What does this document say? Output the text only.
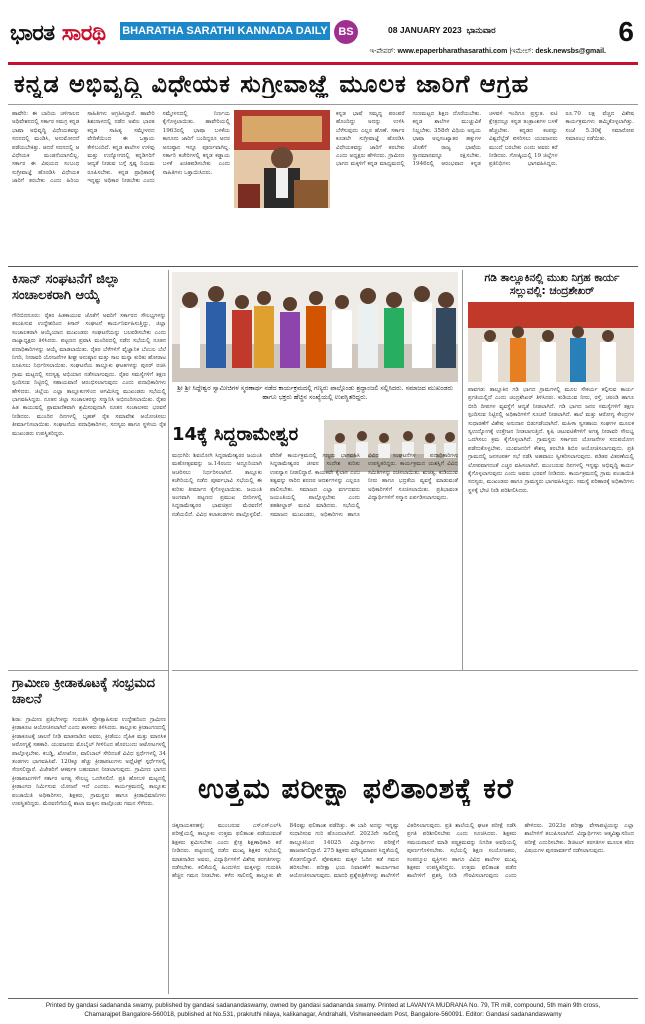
ಭಾರತ ಸಾರಥಿ BHARATHA SARATHI KANNADA DAILY BS	08 JANUARY 2023 ಭಾನುವಾರ	6
ಇ-ಪೇಪರ್: www.epaperbharathasarathi.com |ಇಮೇಲ್: desk.newsbs@gmail.
ಕನ್ನಡ ಅಭಿವೃದ್ಧಿ ವಿಧೇಯಕ ಸುಗ್ರೀವಾಜ್ಞೆ ಮೂಲಕ ಜಾರಿಗೆ ಆಗ್ರಹ
ಹಾವೇರಿ: ಈ ಬಾರಿಯ ಚಳಿಗಾಲದ ಅಧಿವೇಶನದಲ್ಲಿ ಸರ್ಕಾರ ಸಮಗ್ರ ಕನ್ನಡ ಭಾಷಾ ಅಭಿವೃದ್ಧಿ ವಿಧೇಯಕವನ್ನು ಸದನದಲ್ಲಿ ಮಂಡಿಸಿ, ಅನುಮೋದನೆ ಪಡೆಯಬೇಕಿತ್ತು. ಆದರೆ ಸದನದಲ್ಲಿ ಆ ವಿಧೇಯಕ ಮಂಡನೆಯಾಗಲಿಲ್ಲ. ಸರ್ಕಾರ ಈ ವಿಷಯದ ಸಂಬಂಧ ಸುಗ್ರೀವಾಜ್ಞೆ ಹೊರಡಿಸಿ ವಿಧೇಯಕ ಜಾರಿಗೆ ತರಬೇಕು ಎಂದು ಹಿರಿಯ ಸಾಹಿತಿಗಳು ಆಗ್ರಹಿಸಿದ್ದಾರೆ. ಹಾವೇರಿ ಶಿಶುನಾಳದಲ್ಲಿ ನಡೆದ ಅಖಿಲ ಭಾರತ ಕನ್ನಡ ಸಾಹಿತ್ಯ ಸಮ್ಮೇಳನದ ವೇದಿಕೆಯಿಂದ ಈ ಒತ್ತಾಯ ಕೇಳಿಬಂದಿದೆ. ಕನ್ನಡ ಶಾಲೆಗಳ ಉಳಿವು ಮತ್ತು ಉದ್ಯೋಗದಲ್ಲಿ ಕನ್ನಡಿಗರಿಗೆ ಆದ್ಯತೆ ನೀಡುವ ಬಗ್ಗೆ ಸ್ಪಷ್ಟ ನಿಯಮ ರೂಪಿಸಬೇಕು. ಕನ್ನಡ ಪ್ರಾಧಿಕಾರಕ್ಕೆ ಇನ್ನಷ್ಟು ಅಧಿಕಾರ ನೀಡಬೇಕು ಎಂದು ಸಮ್ಮೇಳನದಲ್ಲಿ ನಿರ್ಣಯ ಕೈಗೊಳ್ಳಲಾಯಿತು. ಹಾವೇರಿಯಲ್ಲಿ 1963ರಲ್ಲಿ ಭಾಷಾ ಬಳಕೆಯ ಕಾನೂನು ಜಾರಿಗೆ ಬಂದಿದ್ದರೂ ಅದರ ಅನುಷ್ಠಾನ ಇನ್ನೂ ಪೂರ್ಣವಾಗಿಲ್ಲ. ಸರ್ಕಾರಿ ಕಚೇರಿಗಳಲ್ಲಿ ಕನ್ನಡ ಕಡ್ಡಾಯ ಬಳಕೆ ಖಚಿತಪಡಿಸಬೇಕು ಎಂದು ಸಾಹಿತಿಗಳು ಒತ್ತಾಯಿಸಿದರು.
ಕನ್ನಡ ಭಾಷೆ ಸಮೃದ್ಧ ಪರಂಪರೆ ಹೊಂದಿದ್ದು ಅದನ್ನು ಉಳಿಸಿ ಬೆಳೆಸುವುದು ಎಲ್ಲರ ಹೊಣೆ. ಸರ್ಕಾರ ಕೂಡಲೇ ಸುಗ್ರೀವಾಜ್ಞೆ ಹೊರಡಿಸಿ ವಿಧೇಯಕವನ್ನು ಜಾರಿಗೆ ತರಬೇಕು ಎಂದು ಅಧ್ಯಕ್ಷರು ಹೇಳಿದರು. ಗ್ರಾಮೀಣ ಭಾಗದ ಮಕ್ಕಳಿಗೆ ಕನ್ನಡ ಮಾಧ್ಯಮದಲ್ಲಿ ಗುಣಮಟ್ಟದ ಶಿಕ್ಷಣ ದೊರೆಯಬೇಕು. ಕನ್ನಡ ಶಾಲೆಗಳ ಮುಚ್ಚುವಿಕೆ ನಿಲ್ಲಬೇಕು. 358ನೇ ವಿಧಿಯ ಅನ್ವಯ ಭಾಷಾ ಅಲ್ಪಸಂಖ್ಯಾತರ ಹಕ್ಕುಗಳ ಜೊತೆಗೆ ರಾಜ್ಯ ಭಾಷೆಯ ಸ್ಥಾನಮಾನವನ್ನೂ ರಕ್ಷಿಸಬೇಕು. 1946ರಲ್ಲಿ ಆರಂಭವಾದ ಕನ್ನಡ ಚಳವಳಿ ಇಂದಿಗೂ ಪ್ರಸ್ತುತ. ಐಟಿ ಕ್ಷೇತ್ರದಲ್ಲೂ ಕನ್ನಡ ತಂತ್ರಾಂಶಗಳ ಬಳಕೆ ಹೆಚ್ಚಬೇಕು. ಕನ್ನಡದ ಕಂಪನ್ನು ವಿಶ್ವದೆಲ್ಲೆಡೆ ಪಸರಿಸಲು ಯುವಜನರು ಮುಂದೆ ಬರಬೇಕು ಎಂದು ಅವರು ಕರೆ ನೀಡಿದರು. ಗೋಷ್ಠಿಯಲ್ಲಿ 19 ಜಿಲ್ಲೆಗಳ ಪ್ರತಿನಿಧಿಗಳು ಭಾಗವಹಿಸಿದ್ದರು. ರೂ.70 ಲಕ್ಷ ವೆಚ್ಚದ ವಿಶೇಷ ಕಾರ್ಯಕ್ರಮಗಳು ಹಮ್ಮಿಕೊಳ್ಳಲಾಗಿತ್ತು. ಸಂಜೆ 5.30ಕ್ಕೆ ಸಮಾರೋಪ ಸಮಾರಂಭ ನಡೆಯಿತು.
ಕಿಸಾನ್ ಸಂಘಟನೆಗೆ ಜಿಲ್ಲಾ ಸಂಚಾಲಕರಾಗಿ ಆಯ್ಕೆ
ಗೌರಿಬಿದನೂರು: ರೈತರ ಹಿತಕಾಯುವ ಜೊತೆಗೆ ಅವರಿಗೆ ಸರ್ಕಾರದ ಸೌಲಭ್ಯಗಳನ್ನು ತಲುಪಿಸುವ ಉದ್ದೇಶದಿಂದ ಕಿಸಾನ್ ಸಂಘಟನೆ ಕಾರ್ಯನಿರ್ವಹಿಸುತ್ತಿದ್ದು, ಜಿಲ್ಲಾ ಸಂಚಾಲಕರಾಗಿ ಆಯ್ಕೆಯಾದ ಮುಖಂಡರು ಸಂಘಟನೆಯನ್ನು ಬಲಪಡಿಸಬೇಕು ಎಂದು ರಾಜ್ಯಾಧ್ಯಕ್ಷರು ತಿಳಿಸಿದರು. ಪಟ್ಟಣದ ಪ್ರವಾಸಿ ಮಂದಿರದಲ್ಲಿ ನಡೆದ ಸಭೆಯಲ್ಲಿ ನೂತನ ಪದಾಧಿಕಾರಿಗಳನ್ನು ಆಯ್ಕೆ ಮಾಡಲಾಯಿತು. ರೈತರ ಬೆಳೆಗಳಿಗೆ ವೈಜ್ಞಾನಿಕ ಬೆಂಬಲ ಬೆಲೆ ನಿಗದಿ, ನೀರಾವರಿ ಯೋಜನೆಗಳ ಶೀಘ್ರ ಅನುಷ್ಠಾನ ಮತ್ತು ಸಾಲ ಮನ್ನಾ ಕುರಿತು ಹೋರಾಟ ರೂಪಿಸಲು ನಿರ್ಧರಿಸಲಾಯಿತು. ಸಂಘಟನೆಯ ತಾಲ್ಲೂಕು ಘಟಕಗಳನ್ನು ಪುನರ್ ರಚಿಸಿ ಗ್ರಾಮ ಮಟ್ಟದಲ್ಲಿ ಸದಸ್ಯತ್ವ ಅಭಿಯಾನ ನಡೆಸಲಾಗುವುದು. ರೈತರ ಸಮಸ್ಯೆಗಳಿಗೆ ತಕ್ಷಣ ಸ್ಪಂದಿಸುವ ನಿಟ್ಟಿನಲ್ಲಿ ಸಹಾಯವಾಣಿ ಆರಂಭಿಸಲಾಗುವುದು ಎಂದು ಪದಾಧಿಕಾರಿಗಳು ಹೇಳಿದರು. ಜಿಲ್ಲೆಯ ಎಲ್ಲಾ ತಾಲ್ಲೂಕುಗಳಿಂದ ಆಗಮಿಸಿದ್ದ ಮುಖಂಡರು ಸಭೆಯಲ್ಲಿ ಭಾಗವಹಿಸಿದ್ದರು. ನೂತನ ಜಿಲ್ಲಾ ಸಂಚಾಲಕರನ್ನು ಸನ್ಮಾನಿಸಿ ಅಭಿನಂದಿಸಲಾಯಿತು. ರೈತರ ಹಿತ ಕಾಯುವಲ್ಲಿ ಪ್ರಾಮಾಣಿಕವಾಗಿ ಶ್ರಮಿಸುವುದಾಗಿ ನೂತನ ಸಂಚಾಲಕರು ಭರವಸೆ ನೀಡಿದರು. ಮುಂದಿನ ದಿನಗಳಲ್ಲಿ ಬೃಹತ್ ರೈತ ಸಮಾವೇಶ ಆಯೋಜಿಸಲು ತೀರ್ಮಾನಿಸಲಾಯಿತು. ಸಂಘಟನೆಯ ಪದಾಧಿಕಾರಿಗಳು, ಸದಸ್ಯರು ಹಾಗೂ ಸ್ಥಳೀಯ ರೈತ ಮುಖಂಡರು ಉಪಸ್ಥಿತರಿದ್ದರು.
ಶ್ರೀ ಶ್ರೀ ಸಿದ್ದೇಶ್ವರ ಸ್ವಾಮೀಜಿಗಳ ಸ್ಮರಣಾರ್ಥ ನಡೆದ ಕಾರ್ಯಕ್ರಮದಲ್ಲಿ ಗಣ್ಯರು ಪಾಲ್ಗೊಂಡು ಶ್ರದ್ಧಾಂಜಲಿ ಸಲ್ಲಿಸಿದರು. ಸಮಾಜದ ಮುಖಂಡರು ಹಾಗೂ ಭಕ್ತರು ಹೆಚ್ಚಿನ ಸಂಖ್ಯೆಯಲ್ಲಿ ಉಪಸ್ಥಿತರಿದ್ದರು.
14ಕ್ಕೆ ಸಿದ್ದರಾಮೇಶ್ವರ
ಮಧುಗಿರಿ: ಶಿವಯೋಗಿ ಸಿದ್ದರಾಮೇಶ್ವರರ ಜಯಂತಿ ಮಹೋತ್ಸವವನ್ನು ಜ.14ರಂದು ಅದ್ದೂರಿಯಾಗಿ ಆಚರಿಸಲು ನಿರ್ಧರಿಸಲಾಗಿದೆ. ತಾಲ್ಲೂಕು ಕಚೇರಿಯಲ್ಲಿ ನಡೆದ ಪೂರ್ವಭಾವಿ ಸಭೆಯಲ್ಲಿ ಈ ಕುರಿತು ತೀರ್ಮಾನ ಕೈಗೊಳ್ಳಲಾಯಿತು. ಜಯಂತಿ ಅಂಗವಾಗಿ ಪಟ್ಟಣದ ಪ್ರಮುಖ ಬೀದಿಗಳಲ್ಲಿ ಸಿದ್ದರಾಮೇಶ್ವರರ ಭಾವಚಿತ್ರದ ಮೆರವಣಿಗೆ ನಡೆಯಲಿದೆ. ವಿವಿಧ ಕಲಾತಂಡಗಳು ಪಾಲ್ಗೊಳ್ಳಲಿವೆ. ವೇದಿಕೆ ಕಾರ್ಯಕ್ರಮದಲ್ಲಿ ಗಣ್ಯರು ಭಾಗವಹಿಸಿ ಸಿದ್ದರಾಮೇಶ್ವರರ ಜೀವನ ಸಂದೇಶ ಕುರಿತು ಉಪನ್ಯಾಸ ನೀಡಲಿದ್ದಾರೆ. ಕಾಯಕವೇ ಕೈಲಾಸ ಎಂಬ ತತ್ವವನ್ನು ಸಾರಿದ ಶರಣರ ಆದರ್ಶಗಳನ್ನು ಎಲ್ಲರೂ ಪಾಲಿಸಬೇಕು. ಸಮಾಜದ ಎಲ್ಲಾ ವರ್ಗದವರು ಜಯಂತಿಯಲ್ಲಿ ಪಾಲ್ಗೊಳ್ಳಬೇಕು ಎಂದು ತಹಶೀಲ್ದಾರ್ ಮನವಿ ಮಾಡಿದರು. ಸಭೆಯಲ್ಲಿ ಸಮಾಜದ ಮುಖಂಡರು, ಅಧಿಕಾರಿಗಳು ಹಾಗೂ ವಿವಿಧ ಸಂಘಟನೆಗಳ ಪದಾಧಿಕಾರಿಗಳು ಉಪಸ್ಥಿತರಿದ್ದರು. ಕಾರ್ಯಕ್ರಮದ ಯಶಸ್ಸಿಗೆ ವಿವಿಧ ಸಮಿತಿಗಳನ್ನು ರಚಿಸಲಾಯಿತು. ಶುಚಿತ್ವ, ಕುಡಿಯುವ ನೀರು ಹಾಗೂ ಭದ್ರತೆಯ ವ್ಯವಸ್ಥೆ ಮಾಡುವಂತೆ ಅಧಿಕಾರಿಗಳಿಗೆ ಸೂಚಿಸಲಾಯಿತು. ಪ್ರತಿಭಾವಂತ ವಿದ್ಯಾರ್ಥಿಗಳಿಗೆ ಸನ್ಮಾನ ಏರ್ಪಡಿಸಲಾಗುವುದು.
ಗಡಿ ತಾಲ್ಲೂಕಿನಲ್ಲಿ ಮುಖ ನಿಗ್ರಹ ಕಾರ್ಯ ಸಲ್ಲುವಲ್ಲಿ: ಚಂದ್ರಶೇಖರ್
ಪಾವಗಡ: ತಾಲ್ಲೂಕಿನ ಗಡಿ ಭಾಗದ ಗ್ರಾಮಗಳಲ್ಲಿ ಮೂಲ ಸೌಕರ್ಯ ಕಲ್ಪಿಸುವ ಕಾರ್ಯ ಪ್ರಗತಿಯಲ್ಲಿದೆ ಎಂದು ಚಂದ್ರಶೇಖರ್ ತಿಳಿಸಿದರು. ಕುಡಿಯುವ ನೀರು, ರಸ್ತೆ, ಚರಂಡಿ ಹಾಗೂ ಬೀದಿ ದೀಪಗಳ ವ್ಯವಸ್ಥೆಗೆ ಆದ್ಯತೆ ನೀಡಲಾಗಿದೆ. ಗಡಿ ಭಾಗದ ಜನರ ಸಮಸ್ಯೆಗಳಿಗೆ ತಕ್ಷಣ ಸ್ಪಂದಿಸುವ ನಿಟ್ಟಿನಲ್ಲಿ ಅಧಿಕಾರಿಗಳಿಗೆ ಸೂಚನೆ ನೀಡಲಾಗಿದೆ. ಶಾಲೆ ಮತ್ತು ಆರೋಗ್ಯ ಕೇಂದ್ರಗಳ ಸುಧಾರಣೆಗೆ ವಿಶೇಷ ಅನುದಾನ ಬಿಡುಗಡೆಯಾಗಿದೆ. ಮಹಿಳಾ ಸ್ವಸಹಾಯ ಸಂಘಗಳ ಮೂಲಕ ಸ್ವಉದ್ಯೋಗಕ್ಕೆ ಉತ್ತೇಜನ ನೀಡಲಾಗುತ್ತಿದೆ. ಕೃಷಿ ಚಟುವಟಿಕೆಗಳಿಗೆ ಅಗತ್ಯ ನೀರಾವರಿ ಸೌಲಭ್ಯ ಒದಗಿಸಲು ಕ್ರಮ ಕೈಗೊಳ್ಳಲಾಗಿದೆ. ಗ್ರಾಮಸ್ಥರು ಸರ್ಕಾರದ ಯೋಜನೆಗಳ ಸದುಪಯೋಗ ಪಡೆದುಕೊಳ್ಳಬೇಕು. ಯುವಜನರಿಗೆ ಕೌಶಲ್ಯ ತರಬೇತಿ ಶಿಬಿರ ಆಯೋಜಿಸಲಾಗುವುದು. ಪ್ರತಿ ಗ್ರಾಮದಲ್ಲಿ ಜನಸಂಪರ್ಕ ಸಭೆ ನಡೆಸಿ ಅಹವಾಲು ಸ್ವೀಕರಿಸಲಾಗುವುದು. ಪಡಿತರ ವಿತರಣೆಯಲ್ಲಿ ಲೋಪವಾಗದಂತೆ ಎಚ್ಚರ ವಹಿಸಲಾಗಿದೆ. ಮುಂಬರುವ ದಿನಗಳಲ್ಲಿ ಇನ್ನಷ್ಟು ಅಭಿವೃದ್ಧಿ ಕಾರ್ಯ ಕೈಗೊಳ್ಳಲಾಗುವುದು ಎಂದು ಅವರು ಭರವಸೆ ನೀಡಿದರು. ಕಾರ್ಯಕ್ರಮದಲ್ಲಿ ಗ್ರಾಮ ಪಂಚಾಯಿತಿ ಸದಸ್ಯರು, ಮುಖಂಡರು ಹಾಗೂ ಗ್ರಾಮಸ್ಥರು ಭಾಗವಹಿಸಿದ್ದರು. ಸಮಸ್ಯೆ ಪರಿಹಾರಕ್ಕೆ ಅಧಿಕಾರಿಗಳು ಸ್ಥಳಕ್ಕೆ ಭೇಟಿ ನೀಡಿ ಪರಿಶೀಲಿಸಿದರು.
ಗ್ರಾಮೀಣ ಕ್ರೀಡಾಕೂಟಕ್ಕೆ ಸಂಭ್ರಮದ ಚಾಲನೆ
ಶಿರಾ: ಗ್ರಾಮೀಣ ಪ್ರತಿಭೆಗಳನ್ನು ಗುರುತಿಸಿ ಪ್ರೋತ್ಸಾಹಿಸುವ ಉದ್ದೇಶದಿಂದ ಗ್ರಾಮೀಣ ಕ್ರೀಡಾಕೂಟ ಆಯೋಜಿಸಲಾಗಿದೆ ಎಂದು ಶಾಸಕರು ತಿಳಿಸಿದರು. ತಾಲ್ಲೂಕು ಕ್ರೀಡಾಂಗಣದಲ್ಲಿ ಕ್ರೀಡಾಕೂಟಕ್ಕೆ ಚಾಲನೆ ನೀಡಿ ಮಾತನಾಡಿದ ಅವರು, ಕ್ರೀಡೆಯು ದೈಹಿಕ ಮತ್ತು ಮಾನಸಿಕ ಆರೋಗ್ಯಕ್ಕೆ ಸಹಕಾರಿ. ಯುವಜನರು ಮೊಬೈಲ್ ಗೀಳಿನಿಂದ ಹೊರಬಂದು ಆಟೋಟಗಳಲ್ಲಿ ಪಾಲ್ಗೊಳ್ಳಬೇಕು. ಕಬಡ್ಡಿ, ಖೋಖೋ, ವಾಲಿಬಾಲ್ ಸೇರಿದಂತೆ ವಿವಿಧ ಸ್ಪರ್ಧೆಗಳಲ್ಲಿ 34 ತಂಡಗಳು ಭಾಗವಹಿಸಿವೆ. 120ಕ್ಕೂ ಹೆಚ್ಚು ಕ್ರೀಡಾಪಟುಗಳು ಅಥ್ಲೆಟಿಕ್ಸ್ ಸ್ಪರ್ಧೆಗಳಲ್ಲಿ ಸೆಣಸಲಿದ್ದಾರೆ. ವಿಜೇತರಿಗೆ ಆಕರ್ಷಕ ಬಹುಮಾನ ನೀಡಲಾಗುವುದು. ಗ್ರಾಮೀಣ ಭಾಗದ ಕ್ರೀಡಾಪಟುಗಳಿಗೆ ಸರ್ಕಾರ ಅಗತ್ಯ ಸೌಲಭ್ಯ ಒದಗಿಸಲಿದೆ. ಪ್ರತಿ ಹೋಬಳಿ ಮಟ್ಟದಲ್ಲಿ ಕ್ರೀಡಾಂಗಣ ನಿರ್ಮಿಸುವ ಯೋಜನೆ ಇದೆ ಎಂದರು. ಕಾರ್ಯಕ್ರಮದಲ್ಲಿ ತಾಲ್ಲೂಕು ಪಂಚಾಯಿತಿ ಅಧಿಕಾರಿಗಳು, ಶಿಕ್ಷಕರು, ಗ್ರಾಮಸ್ಥರು ಹಾಗೂ ಕ್ರೀಡಾಭಿಮಾನಿಗಳು ಉಪಸ್ಥಿತರಿದ್ದರು. ಮೆರವಣಿಗೆಯಲ್ಲಿ ಶಾಲಾ ಮಕ್ಕಳು ಪಾಲ್ಗೊಂಡು ಗಮನ ಸೆಳೆದರು.	ಉತ್ತಮ ಪರೀಕ್ಷಾ ಫಲಿತಾಂಶಕ್ಕೆ ಕರೆ
ಚಿಕ್ಕನಾಯಕನಹಳ್ಳಿ: ಮುಂಬರುವ ಎಸ್‌ಎಸ್‌ಎಲ್‌ಸಿ ಪರೀಕ್ಷೆಯಲ್ಲಿ ತಾಲ್ಲೂಕು ಉತ್ತಮ ಫಲಿತಾಂಶ ಪಡೆಯುವಂತೆ ಶಿಕ್ಷಕರು ಶ್ರಮಿಸಬೇಕು ಎಂದು ಕ್ಷೇತ್ರ ಶಿಕ್ಷಣಾಧಿಕಾರಿ ಕರೆ ನೀಡಿದರು. ಪಟ್ಟಣದಲ್ಲಿ ನಡೆದ ಮುಖ್ಯ ಶಿಕ್ಷಕರ ಸಭೆಯಲ್ಲಿ ಮಾತನಾಡಿದ ಅವರು, ವಿದ್ಯಾರ್ಥಿಗಳಿಗೆ ವಿಶೇಷ ತರಗತಿಗಳನ್ನು ನಡೆಸಬೇಕು. ಕಲಿಕೆಯಲ್ಲಿ ಹಿಂದುಳಿದ ಮಕ್ಕಳನ್ನು ಗುರುತಿಸಿ ಹೆಚ್ಚಿನ ಗಮನ ನೀಡಬೇಕು. ಕಳೆದ ಸಾಲಿನಲ್ಲಿ ತಾಲ್ಲೂಕು ಶೇ 84ರಷ್ಟು ಫಲಿತಾಂಶ ಪಡೆದಿತ್ತು. ಈ ಬಾರಿ ಅದನ್ನು ಇನ್ನಷ್ಟು ಸುಧಾರಿಸುವ ಗುರಿ ಹೊಂದಲಾಗಿದೆ. 2023ನೇ ಸಾಲಿನಲ್ಲಿ ತಾಲ್ಲೂಕಿನಿಂದ 14025 ವಿದ್ಯಾರ್ಥಿಗಳು ಪರೀಕ್ಷೆಗೆ ಹಾಜರಾಗಲಿದ್ದಾರೆ. 275 ಶಿಕ್ಷಕರು ಮೌಲ್ಯಮಾಪನ ಸಿದ್ಧತೆಯಲ್ಲಿ ತೊಡಗಲಿದ್ದಾರೆ. ಪೋಷಕರು ಮಕ್ಕಳ ಓದಿನ ಕಡೆ ಗಮನ ಹರಿಸಬೇಕು. ಪರೀಕ್ಷಾ ಭಯ ನಿವಾರಣೆಗೆ ಕಾರ್ಯಾಗಾರ ಆಯೋಜಿಸಲಾಗುವುದು. ಮಾದರಿ ಪ್ರಶ್ನೆಪತ್ರಿಕೆಗಳನ್ನು ಶಾಲೆಗಳಿಗೆ ವಿತರಿಸಲಾಗುವುದು. ಪ್ರತಿ ಶಾಲೆಯಲ್ಲಿ ಘಟಕ ಪರೀಕ್ಷೆ ನಡೆಸಿ ಪ್ರಗತಿ ಪರಿಶೀಲಿಸಬೇಕು ಎಂದು ಸೂಚಿಸಿದರು. ಶಿಕ್ಷಕರು ಸಮಯಪಾಲನೆ ಮಾಡಿ ಪಠ್ಯಕ್ರಮವನ್ನು ನಿಗದಿತ ಅವಧಿಯಲ್ಲಿ ಪೂರ್ಣಗೊಳಿಸಬೇಕು. ಸಭೆಯಲ್ಲಿ ಶಿಕ್ಷಣ ಸಂಯೋಜಕರು, ಸಂಪನ್ಮೂಲ ವ್ಯಕ್ತಿಗಳು ಹಾಗೂ ವಿವಿಧ ಶಾಲೆಗಳ ಮುಖ್ಯ ಶಿಕ್ಷಕರು ಉಪಸ್ಥಿತರಿದ್ದರು. ಉತ್ತಮ ಫಲಿತಾಂಶ ಪಡೆದ ಶಾಲೆಗಳಿಗೆ ಪ್ರಶಸ್ತಿ ನೀಡಿ ಗೌರವಿಸಲಾಗುವುದು ಎಂದು ಹೇಳಿದರು. 2023ರ ಪರೀಕ್ಷಾ ವೇಳಾಪಟ್ಟಿಯನ್ನು ಎಲ್ಲಾ ಶಾಲೆಗಳಿಗೆ ತಲುಪಿಸಲಾಗಿದೆ. ವಿದ್ಯಾರ್ಥಿಗಳು ಆತ್ಮವಿಶ್ವಾಸದಿಂದ ಪರೀಕ್ಷೆ ಎದುರಿಸಬೇಕು. ಡಿಜಿಟಲ್ ತರಗತಿಗಳ ಮೂಲಕ ಕಠಿಣ ವಿಷಯಗಳ ಪುನರಾವರ್ತನೆ ನಡೆಸಲಾಗುವುದು.
Printed by gandasi sadananda swamy, published by gandasi sadanandaswamy, owned by gandasi sadananda swamy. Printed at LAVANYA MUDRANA No. 79, TR mill, compound, 5th main 9th cross,
Chamarajpet Bangalore-560018, published at No.531, prakruthi nilaya, kalikanagar, Andrahalli, Vishwaneedam Post, Bangalore-560091. Editor: Gandasi sadanandaswamy
